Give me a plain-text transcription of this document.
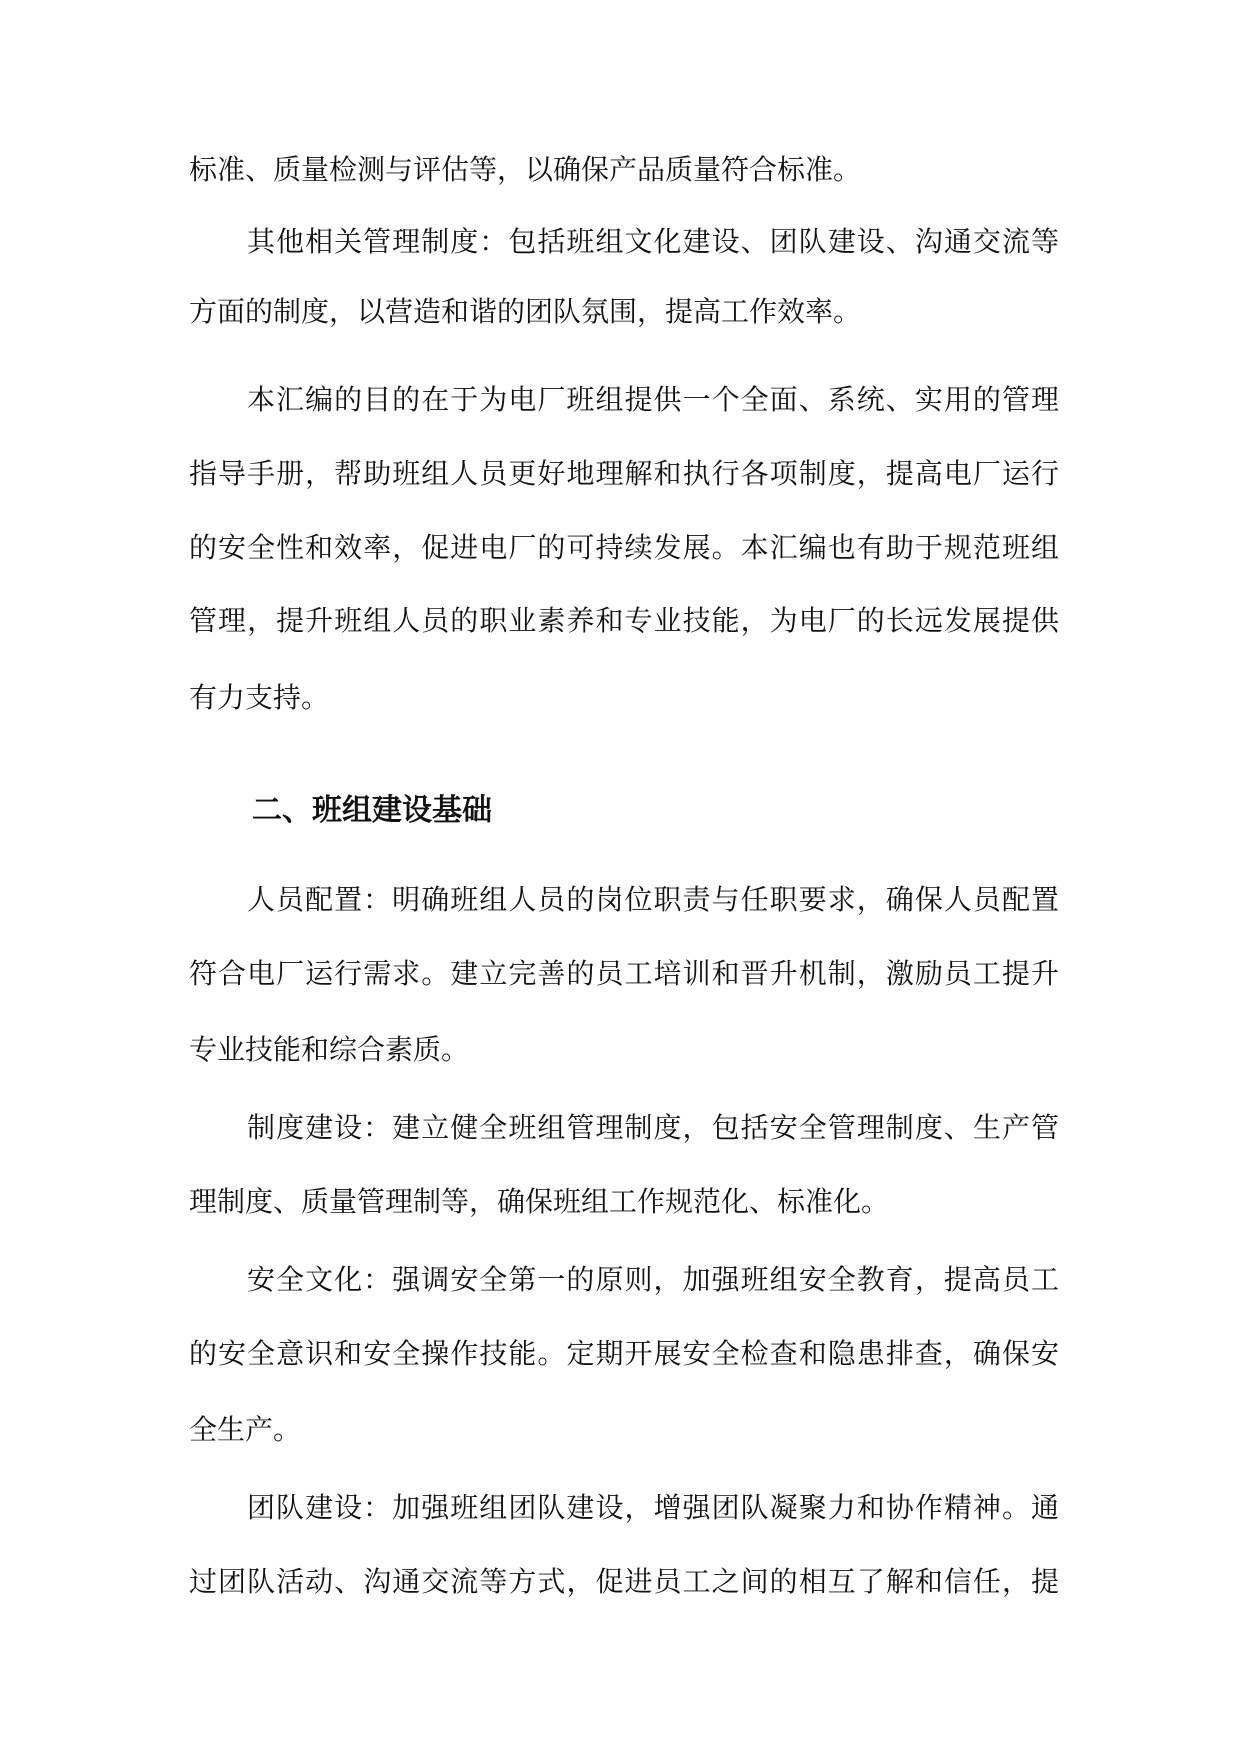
标准、质量检测与评估等，以确保产品质量符合标准。
其他相关管理制度：包括班组文化建设、团队建设、沟通交流等
方面的制度，以营造和谐的团队氛围，提高工作效率。
本汇编的目的在于为电厂班组提供一个全面、系统、实用的管理
指导手册，帮助班组人员更好地理解和执行各项制度，提高电厂运行
的安全性和效率，促进电厂的可持续发展。本汇编也有助于规范班组
管理，提升班组人员的职业素养和专业技能，为电厂的长远发展提供
有力支持。
二、班组建设基础
人员配置：明确班组人员的岗位职责与任职要求，确保人员配置
符合电厂运行需求。建立完善的员工培训和晋升机制，激励员工提升
专业技能和综合素质。
制度建设：建立健全班组管理制度，包括安全管理制度、生产管
理制度、质量管理制等，确保班组工作规范化、标准化。
安全文化：强调安全第一的原则，加强班组安全教育，提高员工
的安全意识和安全操作技能。定期开展安全检查和隐患排查，确保安
全生产。
团队建设：加强班组团队建设，增强团队凝聚力和协作精神。通
过团队活动、沟通交流等方式，促进员工之间的相互了解和信任，提
